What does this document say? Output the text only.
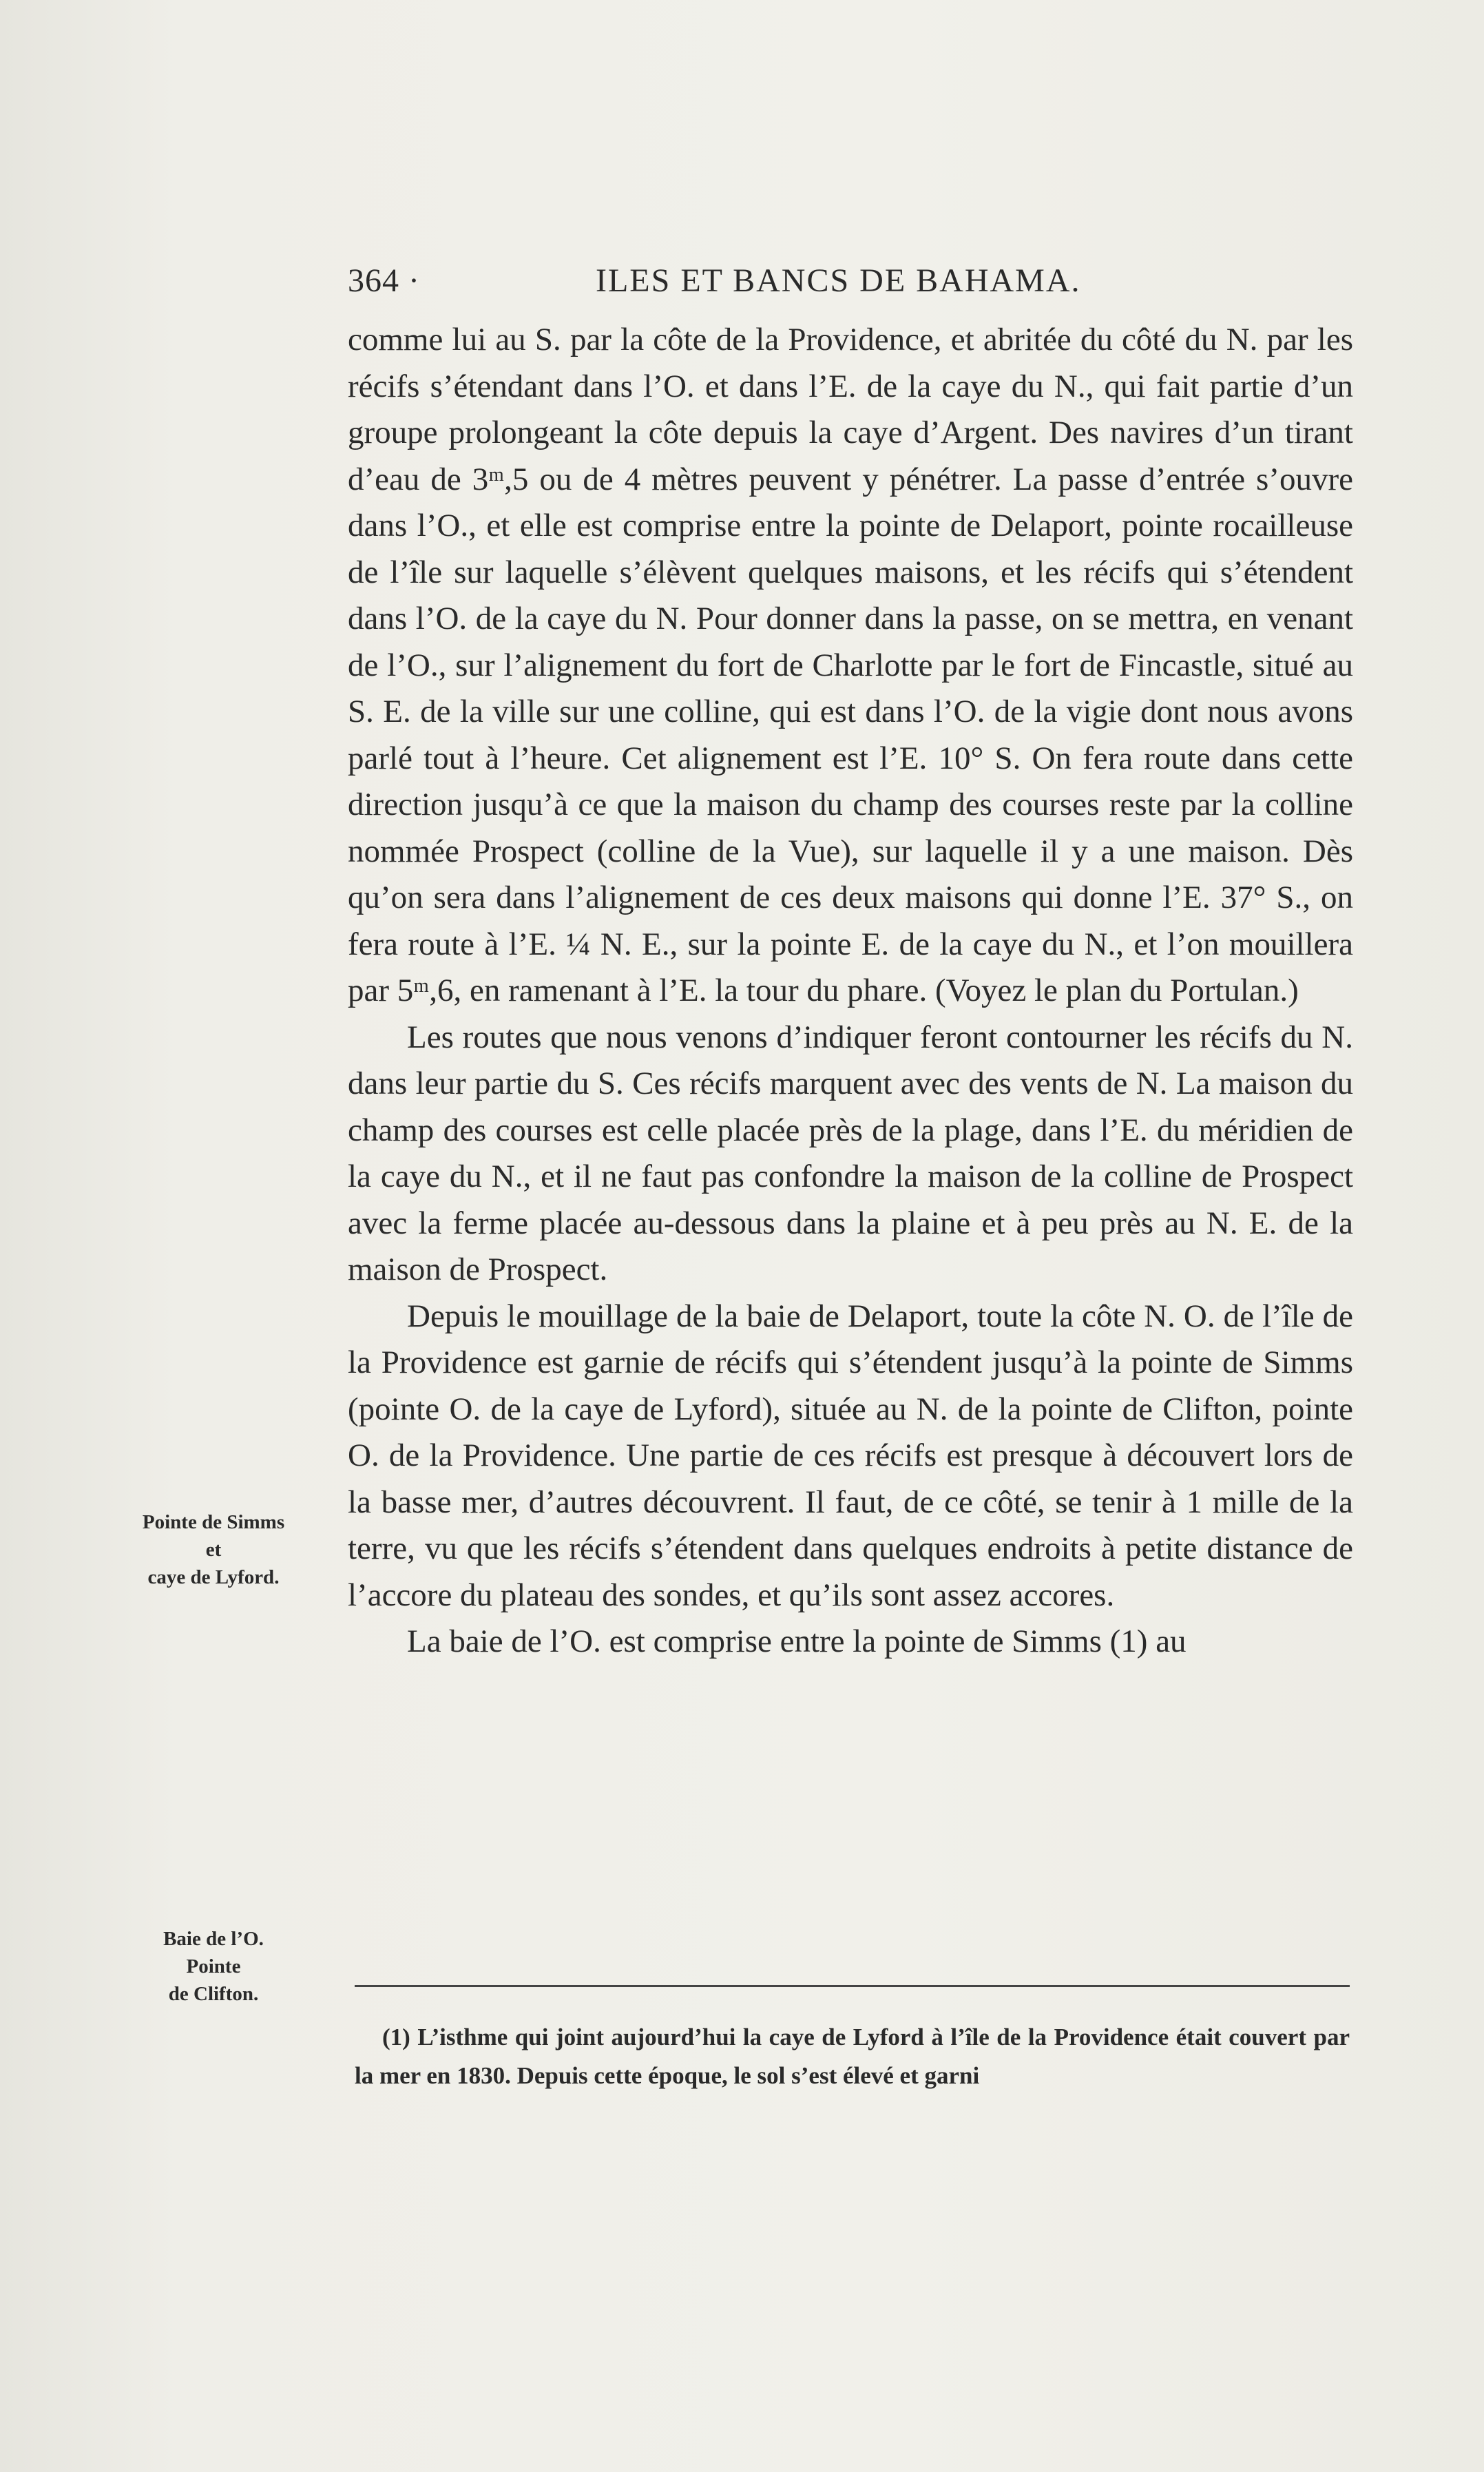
364 ·	ILES ET BANCS DE BAHAMA.

comme lui au S. par la côte de la Providence, et abritée du côté du N. par les récifs s’étendant dans l’O. et dans l’E. de la caye du N., qui fait partie d’un groupe prolongeant la côte depuis la caye d’Argent. Des navires d’un tirant d’eau de 3ᵐ,5 ou de 4 mètres peuvent y pénétrer. La passe d’entrée s’ouvre dans l’O., et elle est comprise entre la pointe de Delaport, pointe rocailleuse de l’île sur laquelle s’élèvent quelques maisons, et les récifs qui s’étendent dans l’O. de la caye du N. Pour donner dans la passe, on se mettra, en venant de l’O., sur l’alignement du fort de Charlotte par le fort de Fincastle, situé au S. E. de la ville sur une colline, qui est dans l’O. de la vigie dont nous avons parlé tout à l’heure. Cet alignement est l’E. 10° S. On fera route dans cette direction jusqu’à ce que la maison du champ des courses reste par la colline nommée Prospect (colline de la Vue), sur laquelle il y a une maison. Dès qu’on sera dans l’alignement de ces deux maisons qui donne l’E. 37° S., on fera route à l’E. ¼ N. E., sur la pointe E. de la caye du N., et l’on mouillera par 5ᵐ,6, en ramenant à l’E. la tour du phare. (Voyez le plan du Portulan.)

Les routes que nous venons d’indiquer feront contourner les récifs du N. dans leur partie du S. Ces récifs marquent avec des vents de N. La maison du champ des courses est celle placée près de la plage, dans l’E. du méridien de la caye du N., et il ne faut pas confondre la maison de la colline de Prospect avec la ferme placée au-dessous dans la plaine et à peu près au N. E. de la maison de Prospect.

Depuis le mouillage de la baie de Delaport, toute la côte N. O. de l’île de la Providence est garnie de récifs qui s’étendent jusqu’à la pointe de Simms (pointe O. de la caye de Lyford), située au N. de la pointe de Clifton, pointe O. de la Providence. Une partie de ces récifs est presque à découvert lors de la basse mer, d’autres découvrent. Il faut, de ce côté, se tenir à 1 mille de la terre, vu que les récifs s’étendent dans quelques endroits à petite distance de l’accore du plateau des sondes, et qu’ils sont assez accores.

La baie de l’O. est comprise entre la pointe de Simms (1) au

Pointe de Simms
et
caye de Lyford.
Baie de l’O.
Pointe
de Clifton.

(1) L’isthme qui joint aujourd’hui la caye de Lyford à l’île de la Providence était couvert par la mer en 1830. Depuis cette époque, le sol s’est élevé et garni
